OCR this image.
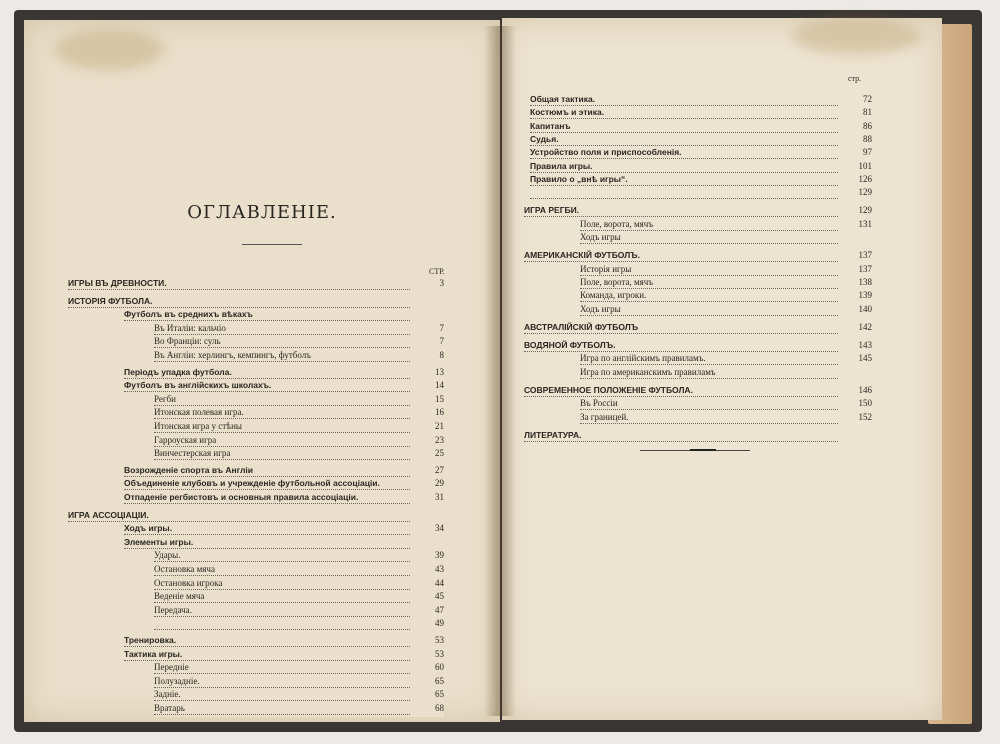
ОГЛАВЛЕНІЕ.
СТР.
ИГРЫ ВЪ ДРЕВНОСТИ.	3
ИСТОРІЯ ФУТБОЛА.
Футболъ въ среднихъ вѣкахъ
Въ Италіи: кальчіо	7
Во Франціи: суль	7
Въ Англіи: херлингъ, кемпингъ, футболъ	8
Періодъ упадка футбола.	13
Футболъ въ англійскихъ школахъ.	14
Регби	15
Итонская полевая игра.	16
Итонская игра у стѣны	21
Гарроуская игра	23
Винчестерская игра	25
Возрожденіе спорта въ Англіи	27
Объединеніе клубовъ и учрежденіе футбольной ассоціаціи.	29
Отпаденіе регбистовъ и основныя правила ассоціаціи.	31
ИГРА АССОЦІАЦІИ.
Ходъ игры.	34
Элементы игры.
Удары.	39
Остановка мяча	43
Остановка игрока	44
Веденіе мяча	45
Передача.	47
49
Тренировка.	53
Тактика игры.	53
Передніе	60
Полузадніе.	65
Задніе.	65
Вратарь	68
стр.
Общая тактика.	72
Костюмъ и этика.	81
Капитанъ	86
Судья.	88
Устройство поля и приспособленія.	97
Правила игры.	101
Правило о „внѣ игры“.	126
129
ИГРА РЕГБИ.	129
Поле, ворота, мячъ	131
Ходъ игры
АМЕРИКАНСКІЙ ФУТБОЛЪ.	137
Исторія игры	137
Поле, ворота, мячъ	138
Команда, игроки.	139
Ходъ игры	140
АВСТРАЛІЙСКІЙ ФУТБОЛЪ	142
ВОДЯНОЙ ФУТБОЛЪ.	143
Игра по англійскимъ правиламъ.	145
Игра по американскимъ правиламъ
СОВРЕМЕННОЕ ПОЛОЖЕНІЕ ФУТБОЛА.	146
Въ Россіи	150
За границей.	152
ЛИТЕРАТУРА.
